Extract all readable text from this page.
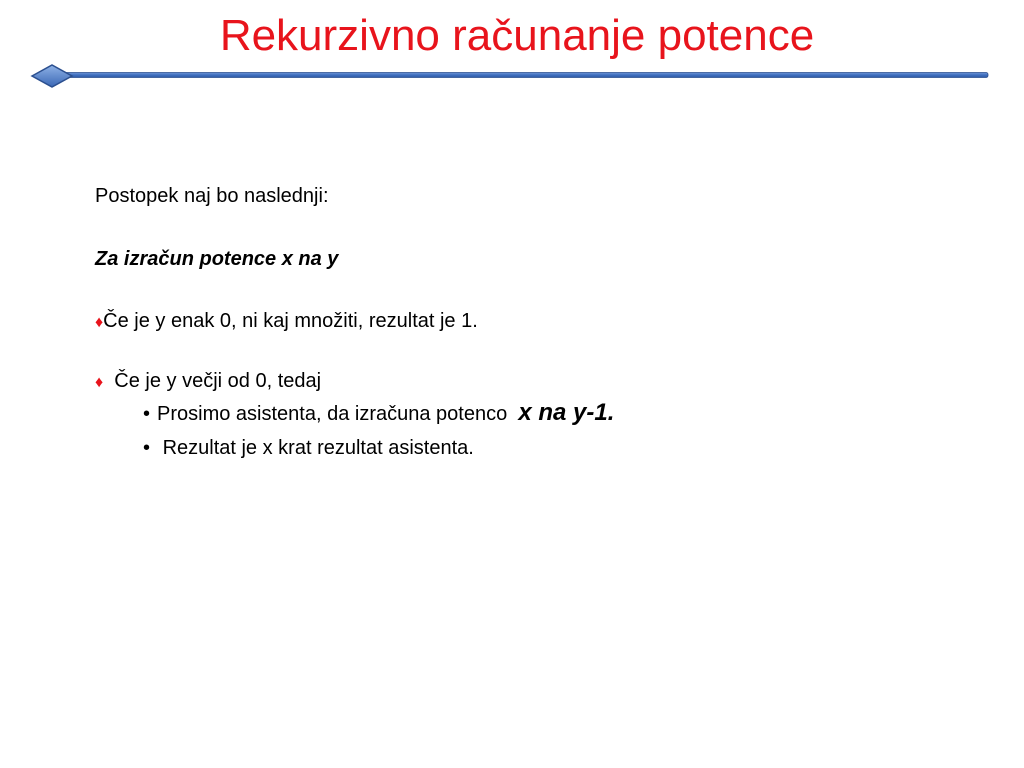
Rekurzivno računanje potence
Postopek naj bo naslednji:
Za izračun potence x na y
♦Če je y enak 0, ni kaj množiti, rezultat je 1.
♦ Če je y večji od 0, tedaj
• Prosimo asistenta, da izračuna potenco x na y-1.
• Rezultat je x krat rezultat asistenta.
